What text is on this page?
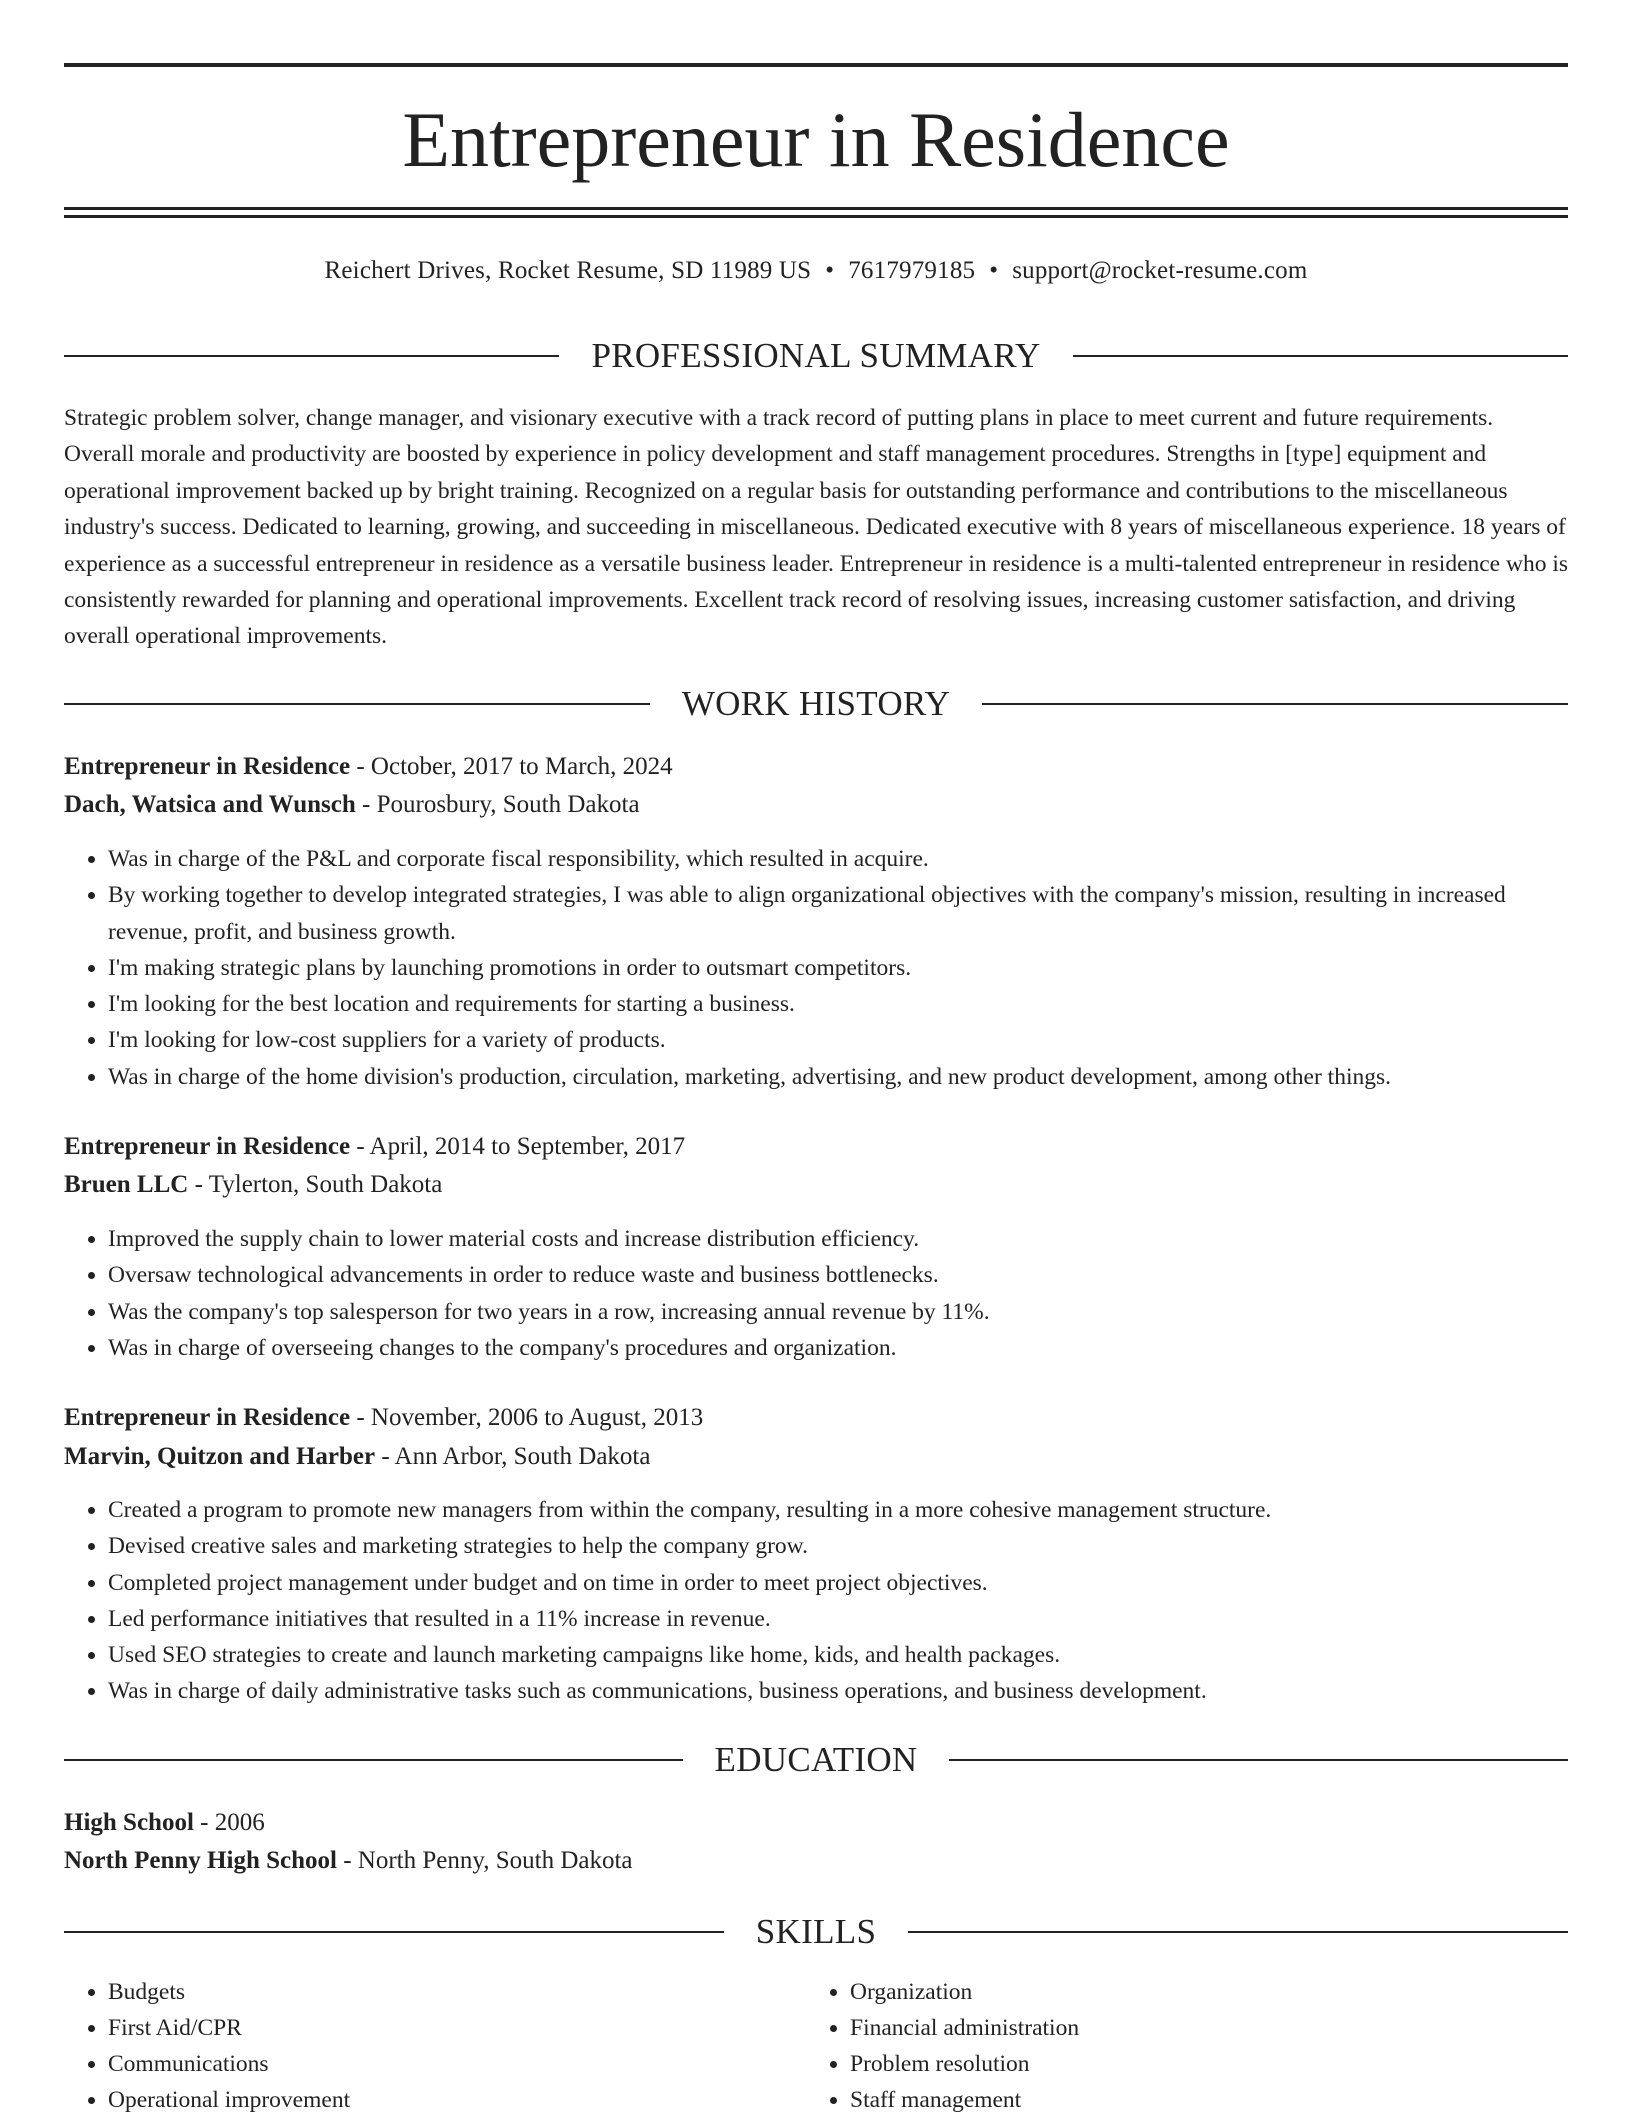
Entrepreneur in Residence
Reichert Drives, Rocket Resume, SD 11989 US • 7617979185 • support@rocket-resume.com
PROFESSIONAL SUMMARY

Strategic problem solver, change manager, and visionary executive with a track record of putting plans in place to meet current and future requirements. Overall morale and productivity are boosted by experience in policy development and staff management procedures. Strengths in [type] equipment and operational improvement backed up by bright training. Recognized on a regular basis for outstanding performance and contributions to the miscellaneous industry's success. Dedicated to learning, growing, and succeeding in miscellaneous. Dedicated executive with 8 years of miscellaneous experience. 18 years of experience as a successful entrepreneur in residence as a versatile business leader. Entrepreneur in residence is a multi-talented entrepreneur in residence who is consistently rewarded for planning and operational improvements. Excellent track record of resolving issues, increasing customer satisfaction, and driving overall operational improvements.

WORK HISTORY
Entrepreneur in Residence - October, 2017 to March, 2024
Dach, Watsica and Wunsch - Pourosbury, South Dakota
• Was in charge of the P&L and corporate fiscal responsibility, which resulted in acquire.
• By working together to develop integrated strategies, I was able to align organizational objectives with the company's mission, resulting in increased revenue, profit, and business growth.
• I'm making strategic plans by launching promotions in order to outsmart competitors.
• I'm looking for the best location and requirements for starting a business.
• I'm looking for low-cost suppliers for a variety of products.
• Was in charge of the home division's production, circulation, marketing, advertising, and new product development, among other things.
Entrepreneur in Residence - April, 2014 to September, 2017
Bruen LLC - Tylerton, South Dakota
• Improved the supply chain to lower material costs and increase distribution efficiency.
• Oversaw technological advancements in order to reduce waste and business bottlenecks.
• Was the company's top salesperson for two years in a row, increasing annual revenue by 11%.
• Was in charge of overseeing changes to the company's procedures and organization.
Entrepreneur in Residence - November, 2006 to August, 2013
Marvin, Quitzon and Harber - Ann Arbor, South Dakota
• Created a program to promote new managers from within the company, resulting in a more cohesive management structure.
• Devised creative sales and marketing strategies to help the company grow.
• Completed project management under budget and on time in order to meet project objectives.
• Led performance initiatives that resulted in a 11% increase in revenue.
• Used SEO strategies to create and launch marketing campaigns like home, kids, and health packages.
• Was in charge of daily administrative tasks such as communications, business operations, and business development.
EDUCATION
High School - 2006
North Penny High School - North Penny, South Dakota
SKILLS
• Budgets
• First Aid/CPR
• Communications
• Operational improvement
• Organization
• Financial administration
• Problem resolution
• Staff management
